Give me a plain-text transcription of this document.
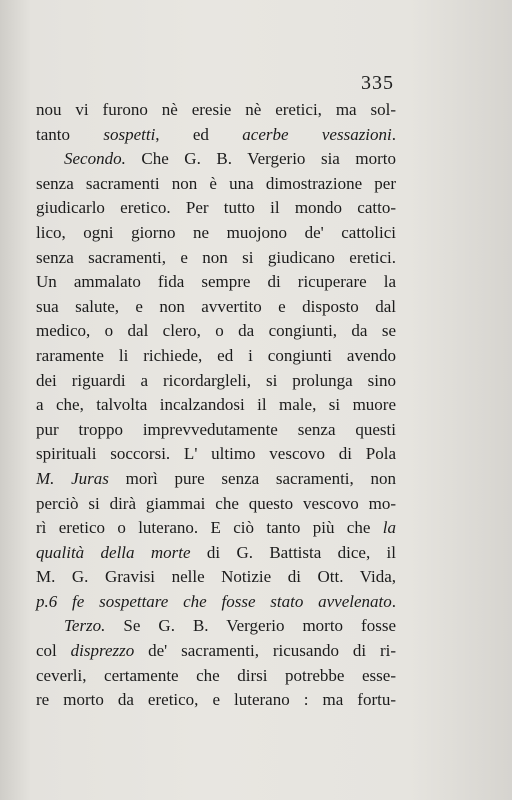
335
nou vi furono nè eresie nè eretici, ma sol-
tanto sospetti, ed acerbe vessazioni.
Secondo. Che G. B. Vergerio sia morto
senza sacramenti non è una dimostrazione per
giudicarlo eretico. Per tutto il mondo catto-
lico, ogni giorno ne muojono de' cattolici
senza sacramenti, e non si giudicano eretici.
Un ammalato fida sempre di ricuperare la
sua salute, e non avvertito e disposto dal
medico, o dal clero, o da congiunti, da se
raramente li richiede, ed i congiunti avendo
dei riguardi a ricordargleli, si prolunga sino
a che, talvolta incalzandosi il male, si muore
pur troppo imprevvedutamente senza questi
spirituali soccorsi. L' ultimo vescovo di Pola
M. Juras morì pure senza sacramenti, non
perciò si dirà giammai che questo vescovo mo-
rì eretico o luterano. E ciò tanto più che la
qualità della morte di G. Battista dice, il
M. G. Gravisi nelle Notizie di Ott. Vida,
p.6 fe sospettare che fosse stato avvelenato.
Terzo. Se G. B. Vergerio morto fosse
col disprezzo de' sacramenti, ricusando di ri-
ceverli, certamente che dirsi potrebbe esse-
re morto da eretico, e luterano : ma fortu-
